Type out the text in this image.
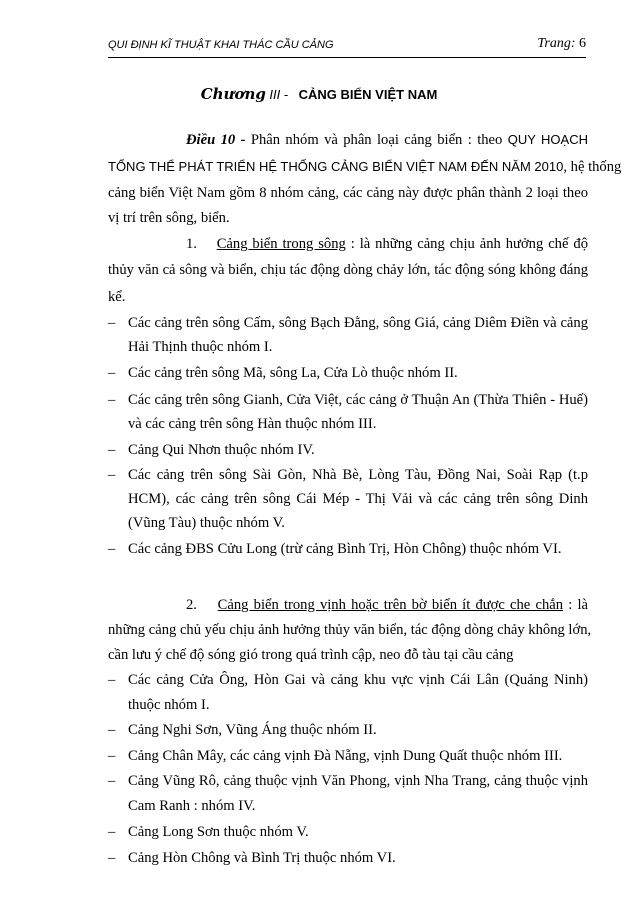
QUI ĐỊNH KĨ THUẬT KHAI THÁC CẦU CẢNG	Trang: 6
Chương III - CẢNG BIỂN VIỆT NAM
Điều 10 - Phân nhóm và phân loại cảng biển : theo QUY HOẠCH
TỔNG THỂ PHÁT TRIỂN HỆ THỐNG CẢNG BIỂN VIỆT NAM ĐẾN NĂM 2010, hệ thống
cảng biển Việt Nam gồm 8 nhóm cảng, các cảng này được phân thành 2 loại theo
vị trí trên sông, biển.
1. Cảng biển trong sông : là những cảng chịu ảnh hưởng chế độ
thủy văn cả sông và biển, chịu tác động dòng chảy lớn, tác động sóng không đáng
kể.
– Các cảng trên sông Cấm, sông Bạch Đằng, sông Giá, cảng Diêm Điền và cảng
Hải Thịnh thuộc nhóm I.
– Các cảng trên sông Mã, sông La, Cửa Lò thuộc nhóm II.
– Các cảng trên sông Gianh, Cửa Việt, các cảng ở Thuận An (Thừa Thiên - Huế)
và các cảng trên sông Hàn thuộc nhóm III.
– Cảng Qui Nhơn thuộc nhóm IV.
– Các cảng trên sông Sài Gòn, Nhà Bè, Lòng Tàu, Đồng Nai, Soài Rạp (t.p
HCM), các cảng trên sông Cái Mép - Thị Vải và các cảng trên sông Dinh
(Vũng Tàu) thuộc nhóm V.
– Các cảng ĐBS Cửu Long (trừ cảng Bình Trị, Hòn Chông) thuộc nhóm VI.
2. Cảng biển trong vịnh hoặc trên bờ biển ít được che chắn : là
những cảng chủ yếu chịu ảnh hưởng thủy văn biển, tác động dòng chảy không lớn,
cần lưu ý chế độ sóng gió trong quá trình cập, neo đỗ tàu tại cầu cảng
– Các cảng Cửa Ông, Hòn Gai và cảng khu vực vịnh Cái Lân (Quảng Ninh)
thuộc nhóm I.
– Cảng Nghi Sơn, Vũng Áng thuộc nhóm II.
– Cảng Chân Mây, các cảng vịnh Đà Nẵng, vịnh Dung Quất thuộc nhóm III.
– Cảng Vũng Rô, cảng thuộc vịnh Văn Phong, vịnh Nha Trang, cảng thuộc vịnh
Cam Ranh : nhóm IV.
– Cảng Long Sơn thuộc nhóm V.
– Cảng Hòn Chông và Bình Trị thuộc nhóm VI.
